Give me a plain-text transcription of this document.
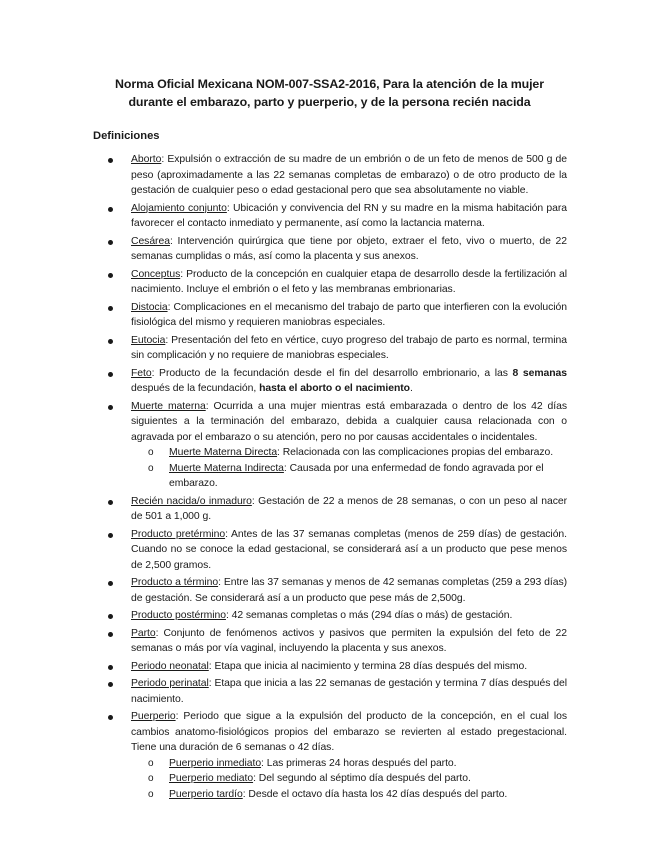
Norma Oficial Mexicana NOM-007-SSA2-2016, Para la atención de la mujer durante el embarazo, parto y puerperio, y de la persona recién nacida
Definiciones
Aborto: Expulsión o extracción de su madre de un embrión o de un feto de menos de 500 g de peso (aproximadamente a las 22 semanas completas de embarazo) o de otro producto de la gestación de cualquier peso o edad gestacional pero que sea absolutamente no viable.
Alojamiento conjunto: Ubicación y convivencia del RN y su madre en la misma habitación para favorecer el contacto inmediato y permanente, así como la lactancia materna.
Cesárea: Intervención quirúrgica que tiene por objeto, extraer el feto, vivo o muerto, de 22 semanas cumplidas o más, así como la placenta y sus anexos.
Conceptus: Producto de la concepción en cualquier etapa de desarrollo desde la fertilización al nacimiento. Incluye el embrión o el feto y las membranas embrionarias.
Distocia: Complicaciones en el mecanismo del trabajo de parto que interfieren con la evolución fisiológica del mismo y requieren maniobras especiales.
Eutocia: Presentación del feto en vértice, cuyo progreso del trabajo de parto es normal, termina sin complicación y no requiere de maniobras especiales.
Feto: Producto de la fecundación desde el fin del desarrollo embrionario, a las 8 semanas después de la fecundación, hasta el aborto o el nacimiento.
Muerte materna: Ocurrida a una mujer mientras está embarazada o dentro de los 42 días siguientes a la terminación del embarazo, debida a cualquier causa relacionada con o agravada por el embarazo o su atención, pero no por causas accidentales o incidentales.
o Muerte Materna Directa: Relacionada con las complicaciones propias del embarazo.
o Muerte Materna Indirecta: Causada por una enfermedad de fondo agravada por el embarazo.
Recién nacida/o inmaduro: Gestación de 22 a menos de 28 semanas, o con un peso al nacer de 501 a 1,000 g.
Producto pretérmino: Antes de las 37 semanas completas (menos de 259 días) de gestación. Cuando no se conoce la edad gestacional, se considerará así a un producto que pese menos de 2,500 gramos.
Producto a término: Entre las 37 semanas y menos de 42 semanas completas (259 a 293 días) de gestación. Se considerará así a un producto que pese más de 2,500g.
Producto postérmino: 42 semanas completas o más (294 días o más) de gestación.
Parto: Conjunto de fenómenos activos y pasivos que permiten la expulsión del feto de 22 semanas o más por vía vaginal, incluyendo la placenta y sus anexos.
Periodo neonatal: Etapa que inicia al nacimiento y termina 28 días después del mismo.
Periodo perinatal: Etapa que inicia a las 22 semanas de gestación y termina 7 días después del nacimiento.
Puerperio: Periodo que sigue a la expulsión del producto de la concepción, en el cual los cambios anatomo-fisiológicos propios del embarazo se revierten al estado pregestacional. Tiene una duración de 6 semanas o 42 días.
o Puerperio inmediato: Las primeras 24 horas después del parto.
o Puerperio mediato: Del segundo al séptimo día después del parto.
o Puerperio tardío: Desde el octavo día hasta los 42 días después del parto.
